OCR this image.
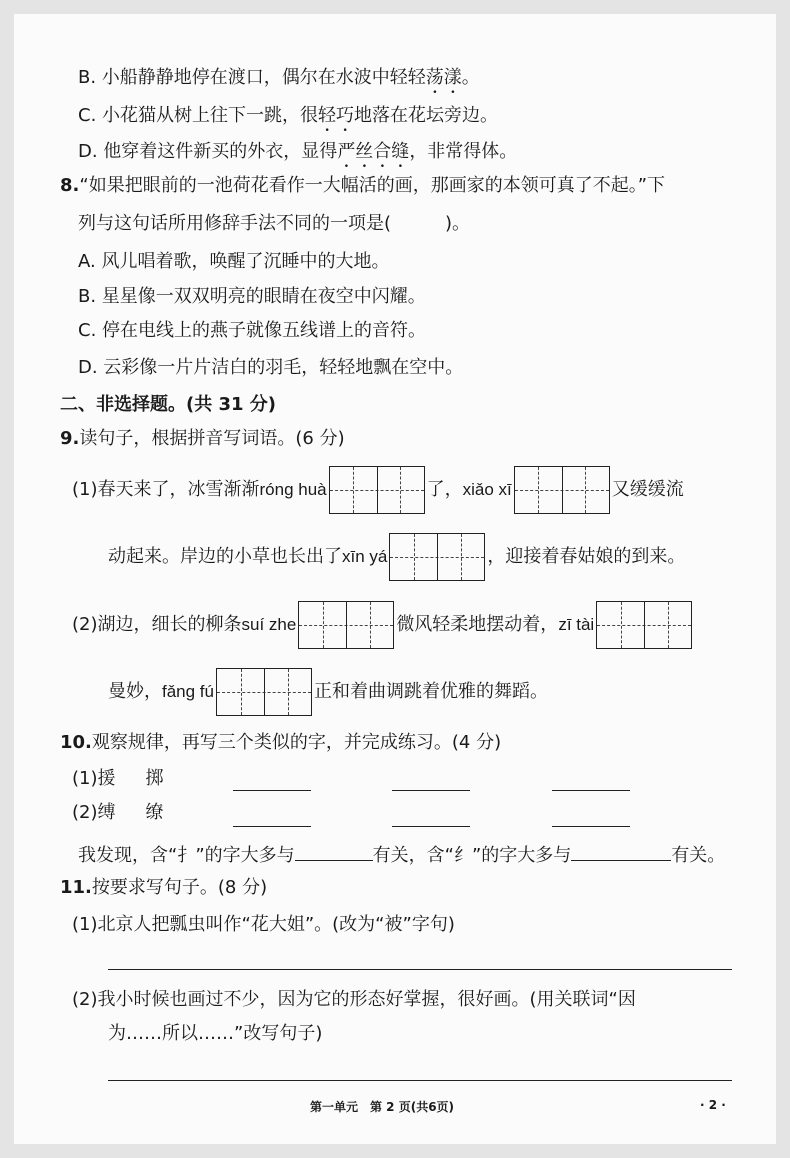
B. 小船静静地停在渡口，偶尔在水波中轻轻荡漾。
C. 小花猫从树上往下一跳，很轻巧地落在花坛旁边。
D. 他穿着这件新买的外衣，显得严丝合缝，非常得体。
8.“如果把眼前的一池荷花看作一大幅活的画，那画家的本领可真了不起。”下
列与这句话所用修辞手法不同的一项是(　　　)。
A. 风儿唱着歌，唤醒了沉睡中的大地。
B. 星星像一双双明亮的眼睛在夜空中闪耀。
C. 停在电线上的燕子就像五线谱上的音符。
D. 云彩像一片片洁白的羽毛，轻轻地飘在空中。
二、非选择题。(共 31 分)
9.读句子，根据拼音写词语。(6 分)
(1)春天来了，冰雪渐渐róng huà	了，xiǎo xī	又缓缓流
动起来。岸边的小草也长出了xīn yá	，迎接着春姑娘的到来。
(2)湖边，细长的柳条suí zhe	微风轻柔地摆动着，zī tài
曼妙，fǎng fú	正和着曲调跳着优雅的舞蹈。
10.观察规律，再写三个类似的字，并完成练习。(4 分)
(1)援 掷
(2)缚 缭
我发现，含“扌”的字大多与	有关，含“纟”的字大多与	有关。
11.按要求写句子。(8 分)
(1)北京人把瓢虫叫作“花大姐”。(改为“被”字句)
(2)我小时候也画过不少，因为它的形态好掌握，很好画。(用关联词“因
为……所以……”改写句子)
第一单元　第 2 页(共6页)	· 2 ·
